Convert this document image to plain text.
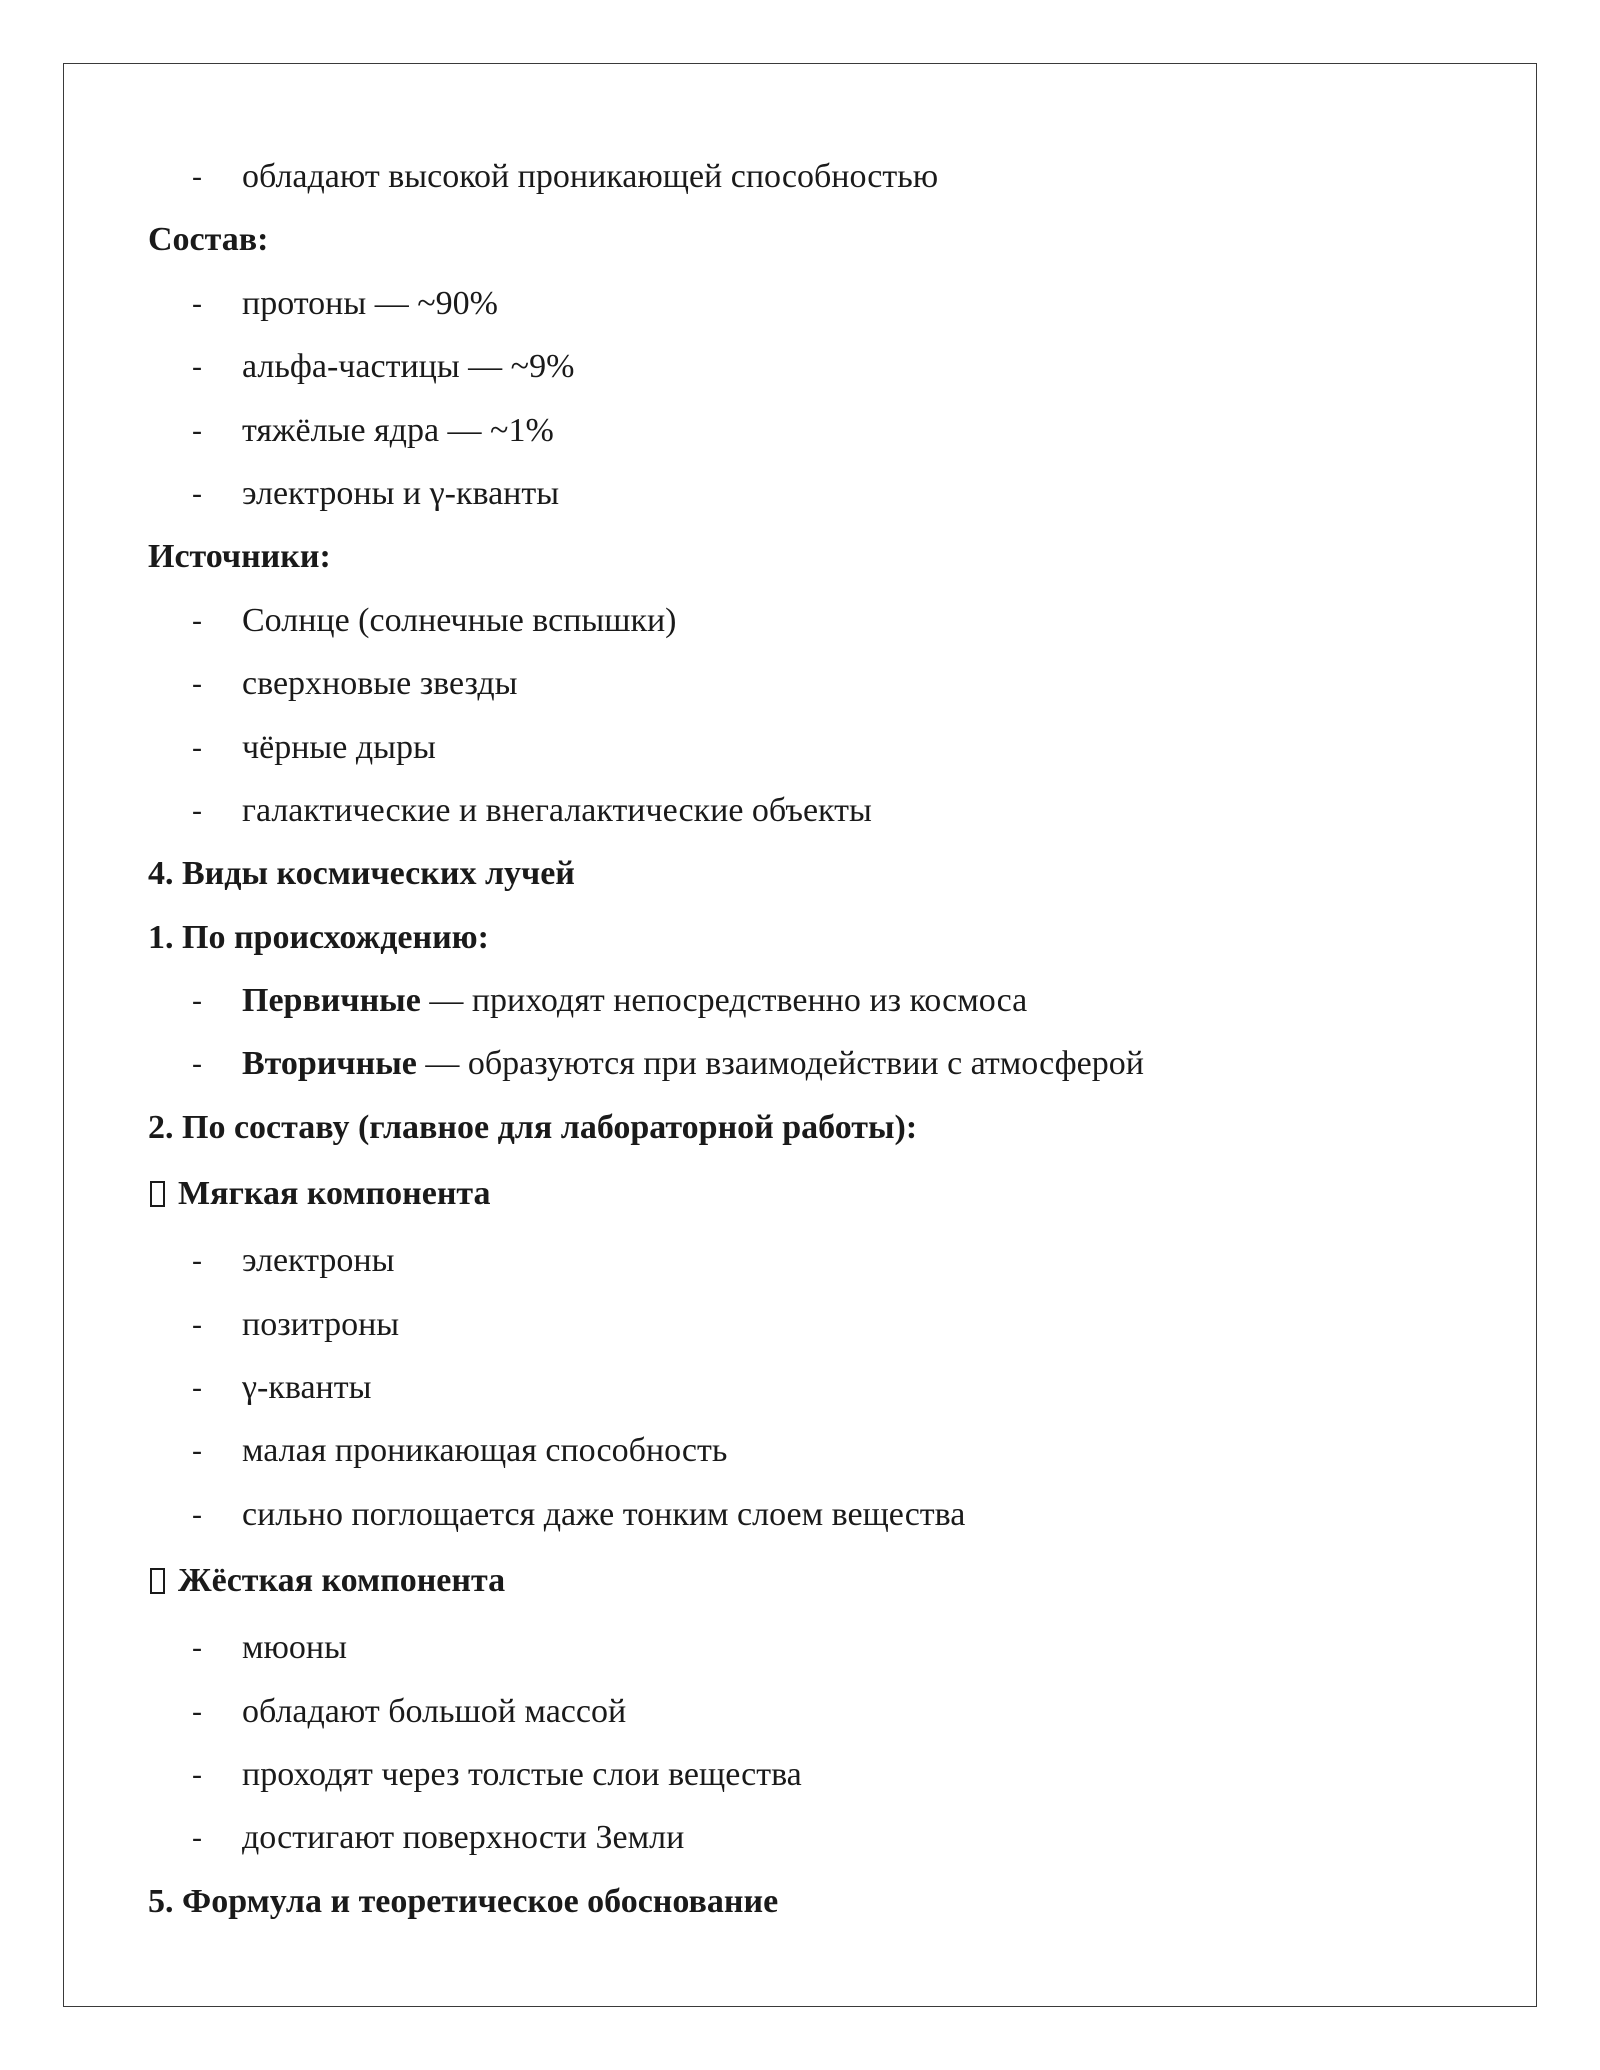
- обладают высокой проникающей способностью
Состав:
- протоны — ~90%
- альфа-частицы — ~9%
- тяжёлые ядра — ~1%
- электроны и γ-кванты
Источники:
- Солнце (солнечные вспышки)
- сверхновые звезды
- чёрные дыры
- галактические и внегалактические объекты
4. Виды космических лучей
1. По происхождению:
- Первичные — приходят непосредственно из космоса
- Вторичные — образуются при взаимодействии с атмосферой
2. По составу (главное для лабораторной работы):
Мягкая компонента
- электроны
- позитроны
- γ-кванты
- малая проникающая способность
- сильно поглощается даже тонким слоем вещества
Жёсткая компонента
- мюоны
- обладают большой массой
- проходят через толстые слои вещества
- достигают поверхности Земли
5. Формула и теоретическое обоснование
